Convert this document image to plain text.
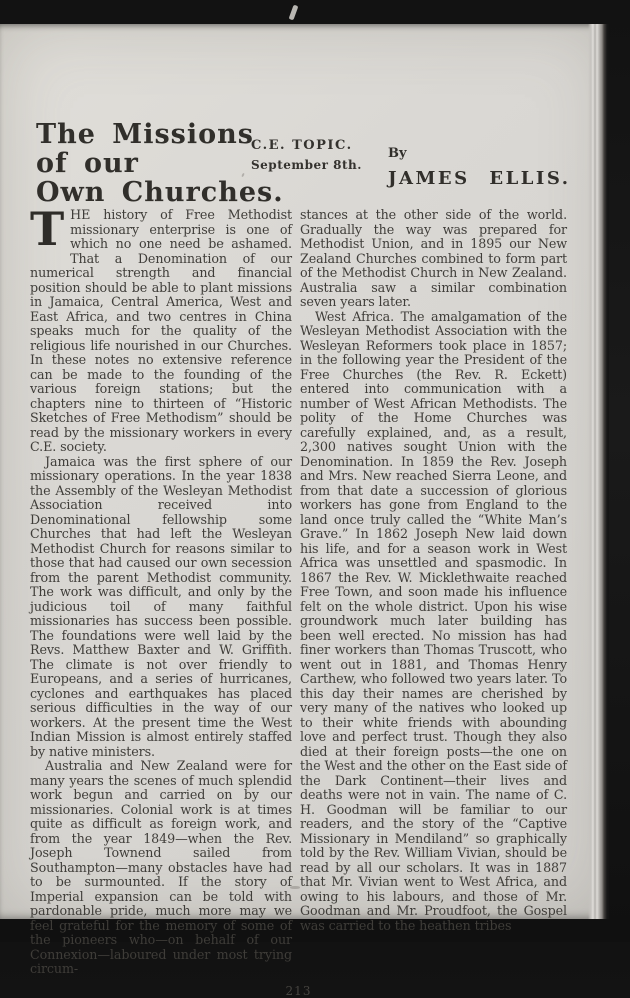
The Missions
of our
Own Churches.
C.E. TOPIC.
September 8th.
By
JAMES ELLIS.

THE history of Free Methodist missionary enterprise is one of which no one need be ashamed. That a Denomination of our numerical strength and financial position should be able to plant missions in Jamaica, Central America, West and East Africa, and two centres in China speaks much for the quality of the religious life nourished in our Churches. In these notes no extensive reference can be made to the founding of the various foreign stations; but the chapters nine to thirteen of “Historic Sketches of Free Methodism” should be read by the missionary workers in every C.E. society.

Jamaica was the first sphere of our missionary operations. In the year 1838 the Assembly of the Wesleyan Methodist Association received into Denominational fellowship some Churches that had left the Wesleyan Methodist Church for reasons similar to those that had caused our own secession from the parent Methodist community. The work was difficult, and only by the judicious toil of many faithful missionaries has success been possible. The foundations were well laid by the Revs. Matthew Baxter and W. Griffith. The climate is not over friendly to Europeans, and a series of hurricanes, cyclones and earthquakes has placed serious difficulties in the way of our workers. At the present time the West Indian Mission is almost entirely staffed by native ministers.

Australia and New Zealand were for many years the scenes of much splendid work begun and carried on by our missionaries. Colonial work is at times quite as difficult as foreign work, and from the year 1849—when the Rev. Joseph Townend sailed from Southampton—many obstacles have had to be surmounted. If the story of Imperial expansion can be told with pardonable pride, much more may we feel grateful for the memory of some of the pioneers who—on behalf of our Connexion—laboured under most trying circum-

stances at the other side of the world. Gradually the way was prepared for Methodist Union, and in 1895 our New Zealand Churches combined to form part of the Methodist Church in New Zealand. Australia saw a similar combination seven years later.

West Africa. The amalgamation of the Wesleyan Methodist Association with the Wesleyan Reformers took place in 1857; in the following year the President of the Free Churches (the Rev. R. Eckett) entered into communication with a number of West African Methodists. The polity of the Home Churches was carefully explained, and, as a result, 2,300 natives sought Union with the Denomination. In 1859 the Rev. Joseph and Mrs. New reached Sierra Leone, and from that date a succession of glorious workers has gone from England to the land once truly called the “White Man’s Grave.” In 1862 Joseph New laid down his life, and for a season work in West Africa was unsettled and spasmodic. In 1867 the Rev. W. Micklethwaite reached Free Town, and soon made his influence felt on the whole district. Upon his wise groundwork much later building has been well erected. No mission has had finer workers than Thomas Truscott, who went out in 1881, and Thomas Henry Carthew, who followed two years later. To this day their names are cherished by very many of the natives who looked up to their white friends with abounding love and perfect trust. Though they also died at their foreign posts—the one on the West and the other on the East side of the Dark Continent—their lives and deaths were not in vain. The name of C. H. Goodman will be familiar to our readers, and the story of the “Captive Missionary in Mendiland” so graphically told by the Rev. William Vivian, should be read by all our scholars. It was in 1887 that Mr. Vivian went to West Africa, and owing to his labours, and those of Mr. Goodman and Mr. Proudfoot, the Gospel was carried to the heathen tribes

213
